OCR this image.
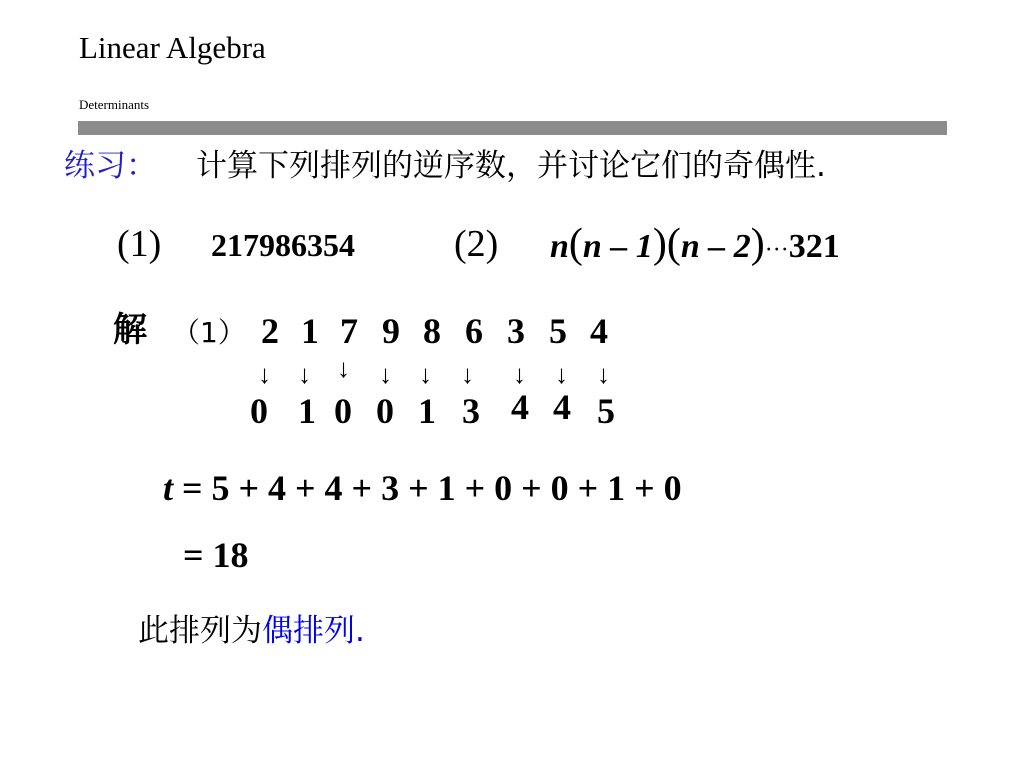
Linear Algebra
Determinants
练习： 计算下列排列的逆序数，并讨论它们的奇偶性.
(1) 217986354	(2) n(n – 1)(n – 2)···321
解 （1） 2 1 7 9 8 6 3 5 4
↓ ↓ ↓ ↓ ↓ ↓ ↓ ↓ ↓
0 1 0 0 1 3 4 4 5
t = 5 + 4 + 4 + 3 + 1 + 0 + 0 + 1 + 0
= 18
此排列为偶排列.
